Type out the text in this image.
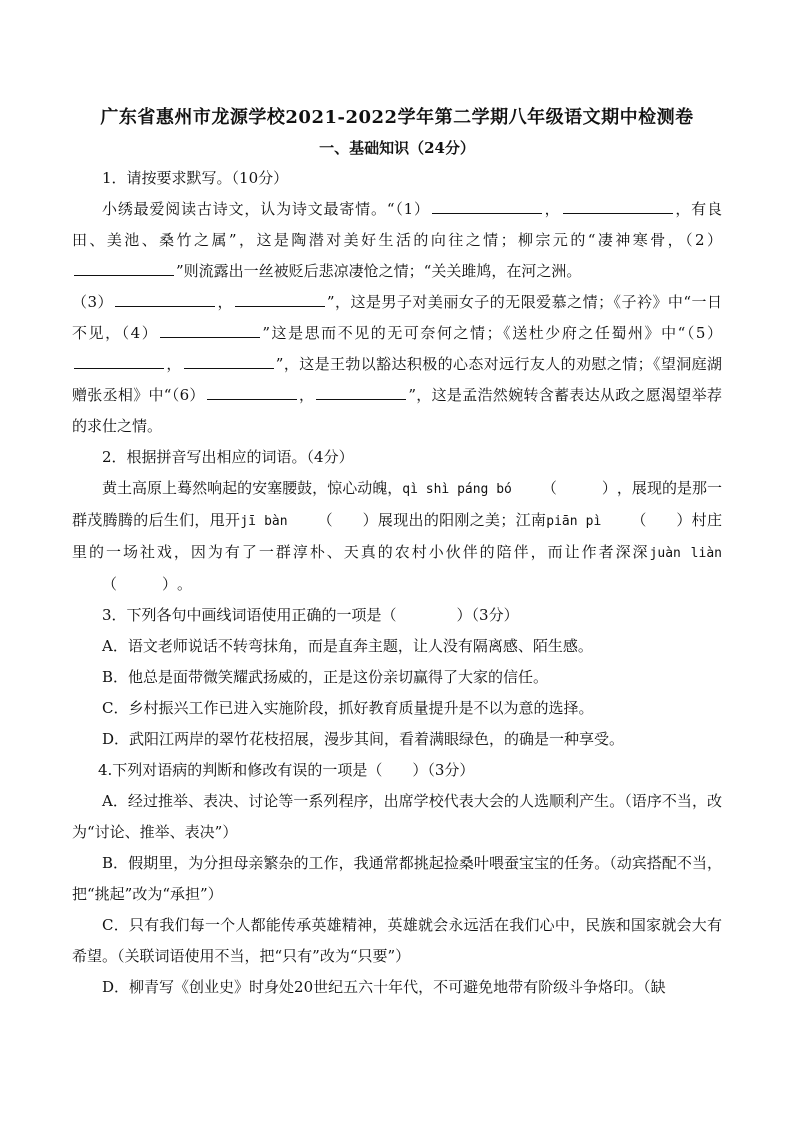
广东省惠州市龙源学校2021-2022学年第二学期八年级语文期中检测卷
一、基础知识（24分）

1．请按要求默写。（10分）

小绣最爱阅读古诗文，认为诗文最寄情。“（1）	，	，有良田、美池、桑竹之属”，这是陶潜对美好生活的向往之情；柳宗元的“凄神寒骨，（2）”则流露出一丝被贬后悲凉凄怆之情；“关关雎鸠，在河之洲。

（3）	，	”，这是男子对美丽女子的无限爱慕之情；《子衿》中“一日不见，（4）	”这是思而不见的无可奈何之情；《送杜少府之任蜀州》中“（5），	”，这是王勃以豁达积极的心态对远行友人的劝慰之情；《望洞庭湖赠张丞相》中“（6）	，	”，这是孟浩然婉转含蓄表达从政之愿渴望举荐的求仕之情。

2．根据拼音写出相应的词语。（4分）

黄土高原上蓦然响起的安塞腰鼓，惊心动魄，qì shì páng bó （　　　），展现的是那一群茂腾腾的后生们，甩开jī bàn （　　）展现出的阳刚之美；江南piān pì （　　）村庄里的一场社戏，因为有了一群淳朴、天真的农村小伙伴的陪伴，而让作者深深juàn liàn（　　　）。

3．下列各句中画线词语使用正确的一项是（　　　　）（3分）

A．语文老师说话不转弯抹角，而是直奔主题，让人没有隔离感、陌生感。

B．他总是面带微笑耀武扬威的，正是这份亲切赢得了大家的信任。

C．乡村振兴工作已进入实施阶段，抓好教育质量提升是不以为意的选择。

D．武阳江两岸的翠竹花枝招展，漫步其间，看着满眼绿色，的确是一种享受。

4.下列对语病的判断和修改有误的一项是（　　）（3分）

A．经过推举、表决、讨论等一系列程序，出席学校代表大会的人选顺利产生。（语序不当，改为“讨论、推举、表决”）

B．假期里，为分担母亲繁杂的工作，我通常都挑起捡桑叶喂蚕宝宝的任务。（动宾搭配不当，把“挑起”改为“承担”）

C．只有我们每一个人都能传承英雄精神，英雄就会永远活在我们心中，民族和国家就会大有希望。（关联词语使用不当，把“只有”改为“只要”）

D．柳青写《创业史》时身处20世纪五六十年代，不可避免地带有阶级斗争烙印。（缺
